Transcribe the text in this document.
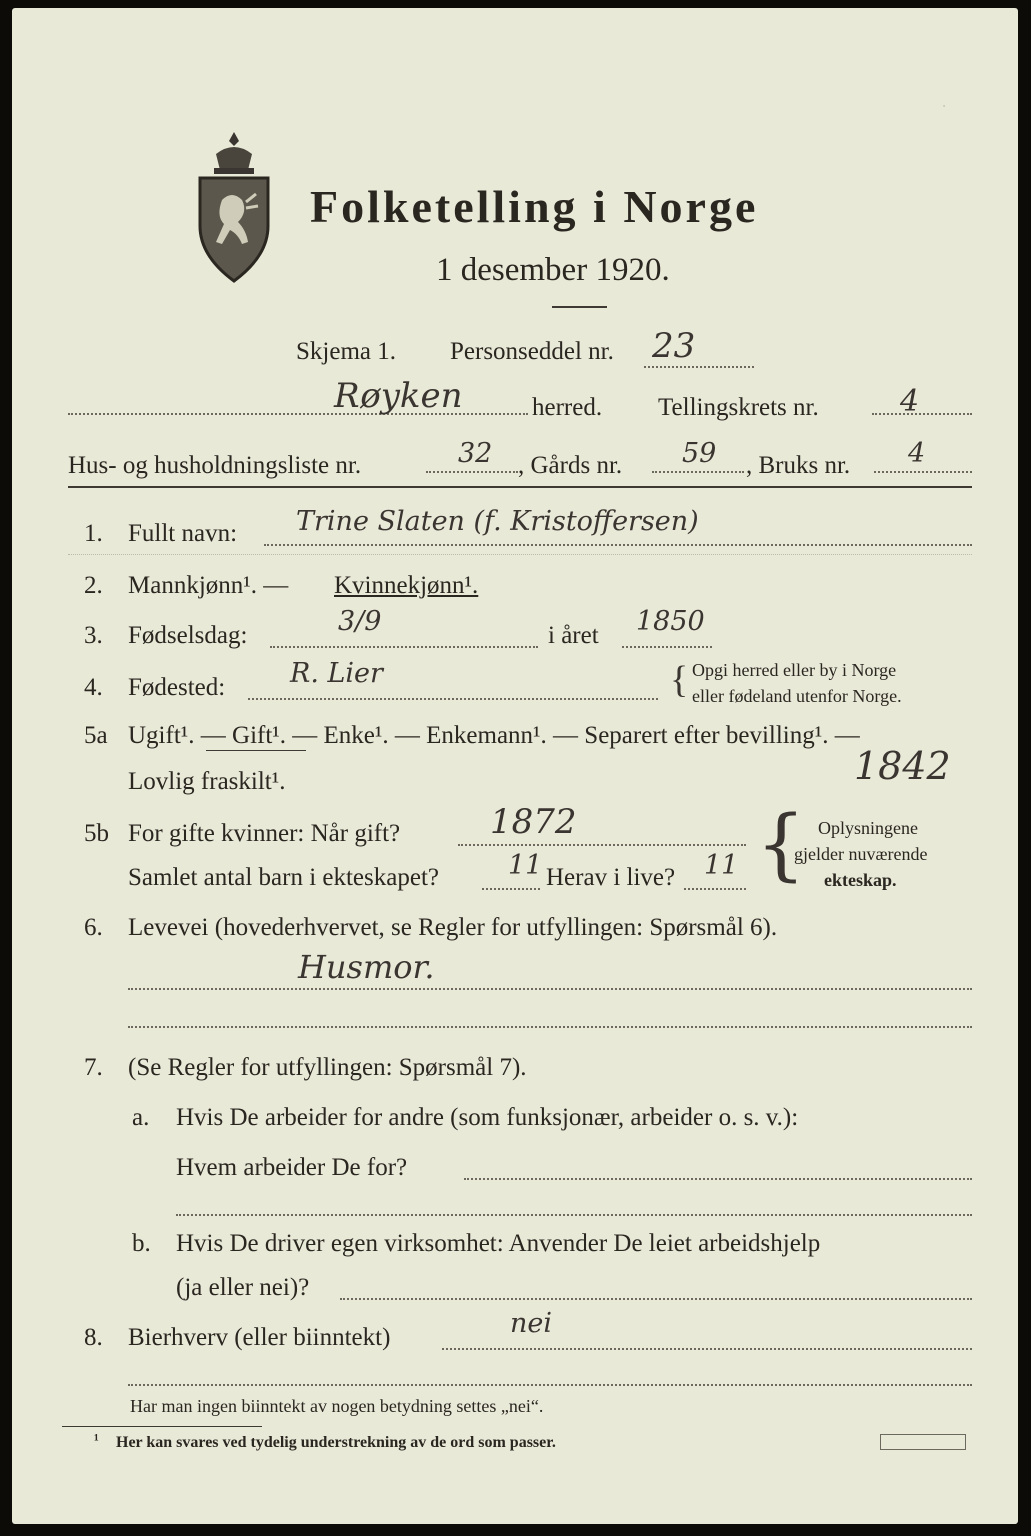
Folketelling i Norge
1 desember 1920.
.
Skjema 1. Personseddel nr. 23
Røyken	herred. Tellingskrets nr.	4
Hus- og husholdningsliste nr.	32 , Gårds nr. 59 , Bruks nr. 4
1. Fullt navn: Trine Slaten (f. Kristoffersen)
2. Mannkjønn¹. — Kvinnekjønn¹.
3. Fødselsdag:	3/9	i året 1850
4. Fødested: R. Lier	{ Opgi herred eller by i Norge
eller fødeland utenfor Norge.
5a Ugift¹. — Gift¹. — Enke¹. — Enkemann¹. — Separert efter bevilling¹. —
Lovlig fraskilt¹.	1842
5b For gifte kvinner: Når gift?	1872
Samlet antal barn i ekteskapet?	11 Herav i live? 11 { Oplysningene
gjelder nuværende
ekteskap.
6. Levevei (hovederhvervet, se Regler for utfyllingen: Spørsmål 6).
Husmor.
7. (Se Regler for utfyllingen: Spørsmål 7).
a. Hvis De arbeider for andre (som funksjonær, arbeider o. s. v.):
Hvem arbeider De for?
b. Hvis De driver egen virksomhet: Anvender De leiet arbeidshjelp
(ja eller nei)?
8. Bierhverv (eller biinntekt)	nei
Har man ingen biinntekt av nogen betydning settes „nei“.
¹ Her kan svares ved tydelig understrekning av de ord som passer.
